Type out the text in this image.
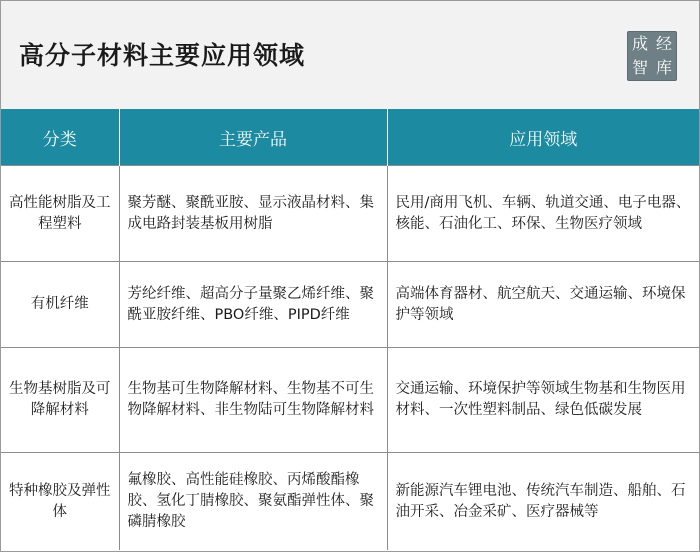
高分子材料主要应用领域	成 经
智 库
分类	主要产品	应用领域
高性能树脂及工程塑料	聚芳醚、聚酰亚胺、显示液晶材料、集成电路封装基板用树脂	民用/商用飞机、车辆、轨道交通、电子电器、核能、石油化工、环保、生物医疗领域
有机纤维	芳纶纤维、超高分子量聚乙烯纤维、聚酰亚胺纤维、PBO纤维、PIPD纤维	高端体育器材、航空航天、交通运输、环境保护等领域
生物基树脂及可降解材料	生物基可生物降解材料、生物基不可生物降解材料、非生物陆可生物降解材料	交通运输、环境保护等领域生物基和生物医用材料、一次性塑料制品、绿色低碳发展
特种橡胶及弹性体	氟橡胶、高性能硅橡胶、丙烯酸酯橡胶、氢化丁腈橡胶、聚氨酯弹性体、聚磷腈橡胶	新能源汽车锂电池、传统汽车制造、船舶、石油开采、冶金采矿、医疗器械等
